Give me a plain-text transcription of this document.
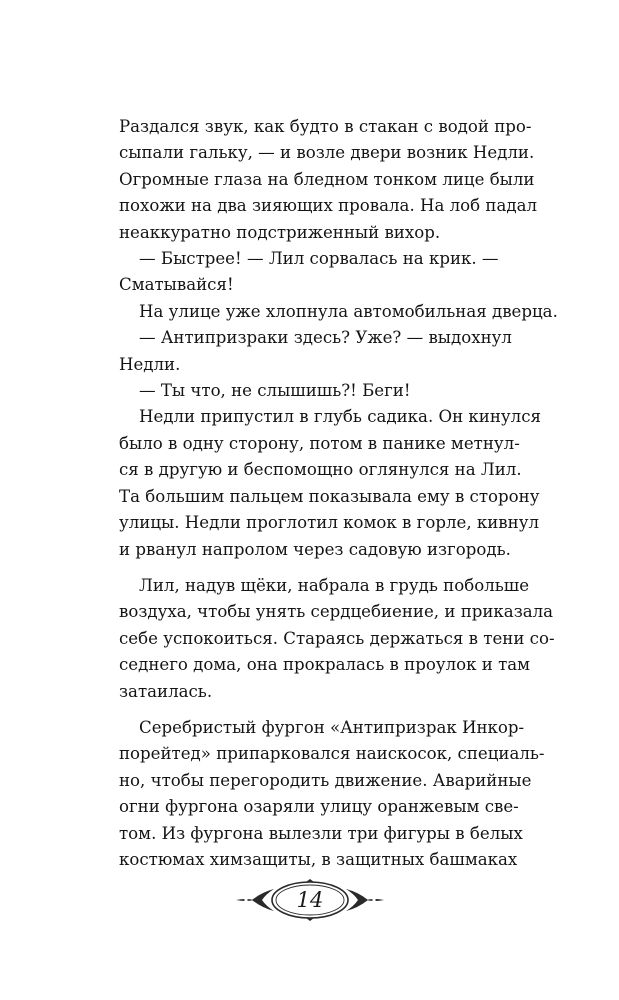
Раздался звук, как будто в стакан с водой про-
сыпали гальку, — и возле двери возник Недли.
Огромные глаза на бледном тонком лице были
похожи на два зияющих провала. На лоб падал
неаккуратно подстриженный вихор.

— Быстрее! — Лил сорвалась на крик. —
Сматывайся!

На улице уже хлопнула автомобильная дверца.

— Антипризраки здесь? Уже? — выдохнул
Недли.

— Ты что, не слышишь?! Беги!

Недли припустил в глубь садика. Он кинулся
было в одну сторону, потом в панике метнул-
ся в другую и беспомощно оглянулся на Лил.
Та большим пальцем показывала ему в сторону
улицы. Недли проглотил комок в горле, кивнул
и рванул напролом через садовую изгородь.

Лил, надув щёки, набрала в грудь побольше
воздуха, чтобы унять сердцебиение, и приказала
себе успокоиться. Стараясь держаться в тени со-
седнего дома, она прокралась в проулок и там
затаилась.

Серебристый фургон «Антипризрак Инкор-
порейтед» припарковался наискосок, специаль-
но, чтобы перегородить движение. Аварийные
огни фургона озаряли улицу оранжевым све-
том. Из фургона вылезли три фигуры в белых
костюмах химзащиты, в защитных башмаках

14
